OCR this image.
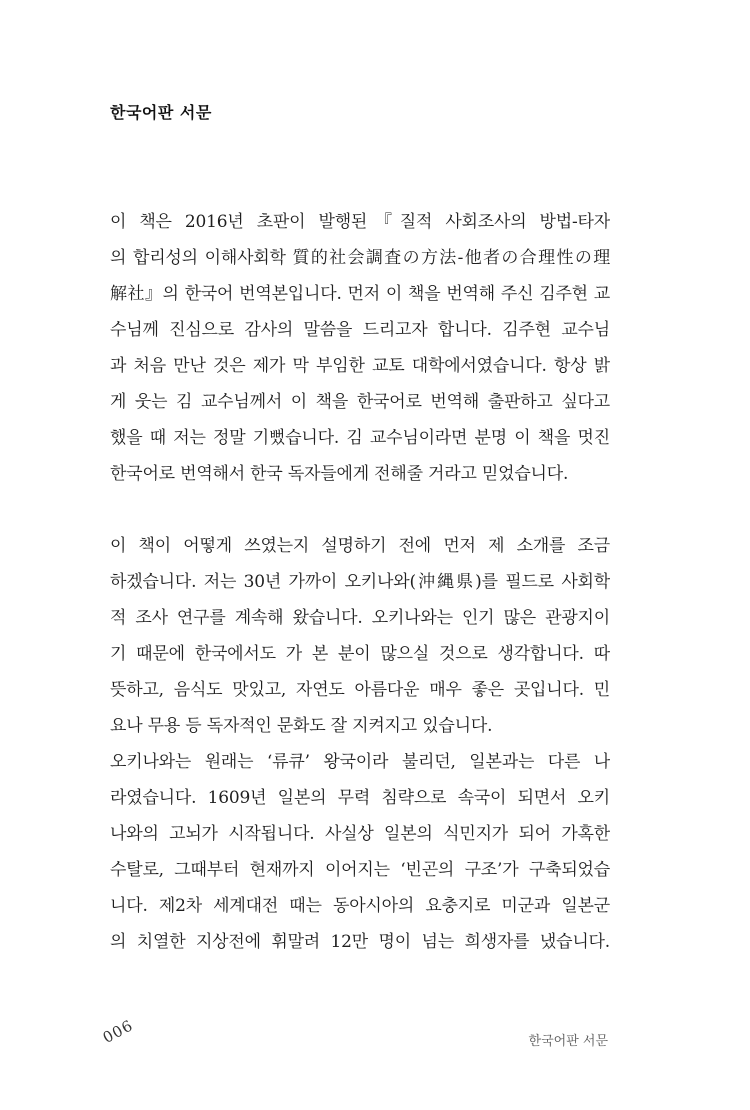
한국어판 서문
이 책은 2016년 초판이 발행된『질적 사회조사의 방법-타자
의 합리성의 이해사회학 質的社会調査の方法-他者の合理性の理
解社』의 한국어 번역본입니다. 먼저 이 책을 번역해 주신 김주현 교
수님께 진심으로 감사의 말씀을 드리고자 합니다. 김주현 교수님
과 처음 만난 것은 제가 막 부임한 교토 대학에서였습니다. 항상 밝
게 웃는 김 교수님께서 이 책을 한국어로 번역해 출판하고 싶다고
했을 때 저는 정말 기뻤습니다. 김 교수님이라면 분명 이 책을 멋진
한국어로 번역해서 한국 독자들에게 전해줄 거라고 믿었습니다.
이 책이 어떻게 쓰였는지 설명하기 전에 먼저 제 소개를 조금
하겠습니다. 저는 30년 가까이 오키나와(沖縄県)를 필드로 사회학
적 조사 연구를 계속해 왔습니다. 오키나와는 인기 많은 관광지이
기 때문에 한국에서도 가 본 분이 많으실 것으로 생각합니다. 따
뜻하고, 음식도 맛있고, 자연도 아름다운 매우 좋은 곳입니다. 민
요나 무용 등 독자적인 문화도 잘 지켜지고 있습니다.
오키나와는 원래는 ‘류큐’ 왕국이라 불리던, 일본과는 다른 나
라였습니다. 1609년 일본의 무력 침략으로 속국이 되면서 오키
나와의 고뇌가 시작됩니다. 사실상 일본의 식민지가 되어 가혹한
수탈로, 그때부터 현재까지 이어지는 ‘빈곤의 구조’가 구축되었습
니다. 제2차 세계대전 때는 동아시아의 요충지로 미군과 일본군
의 치열한 지상전에 휘말려 12만 명이 넘는 희생자를 냈습니다.
006	한국어판 서문
